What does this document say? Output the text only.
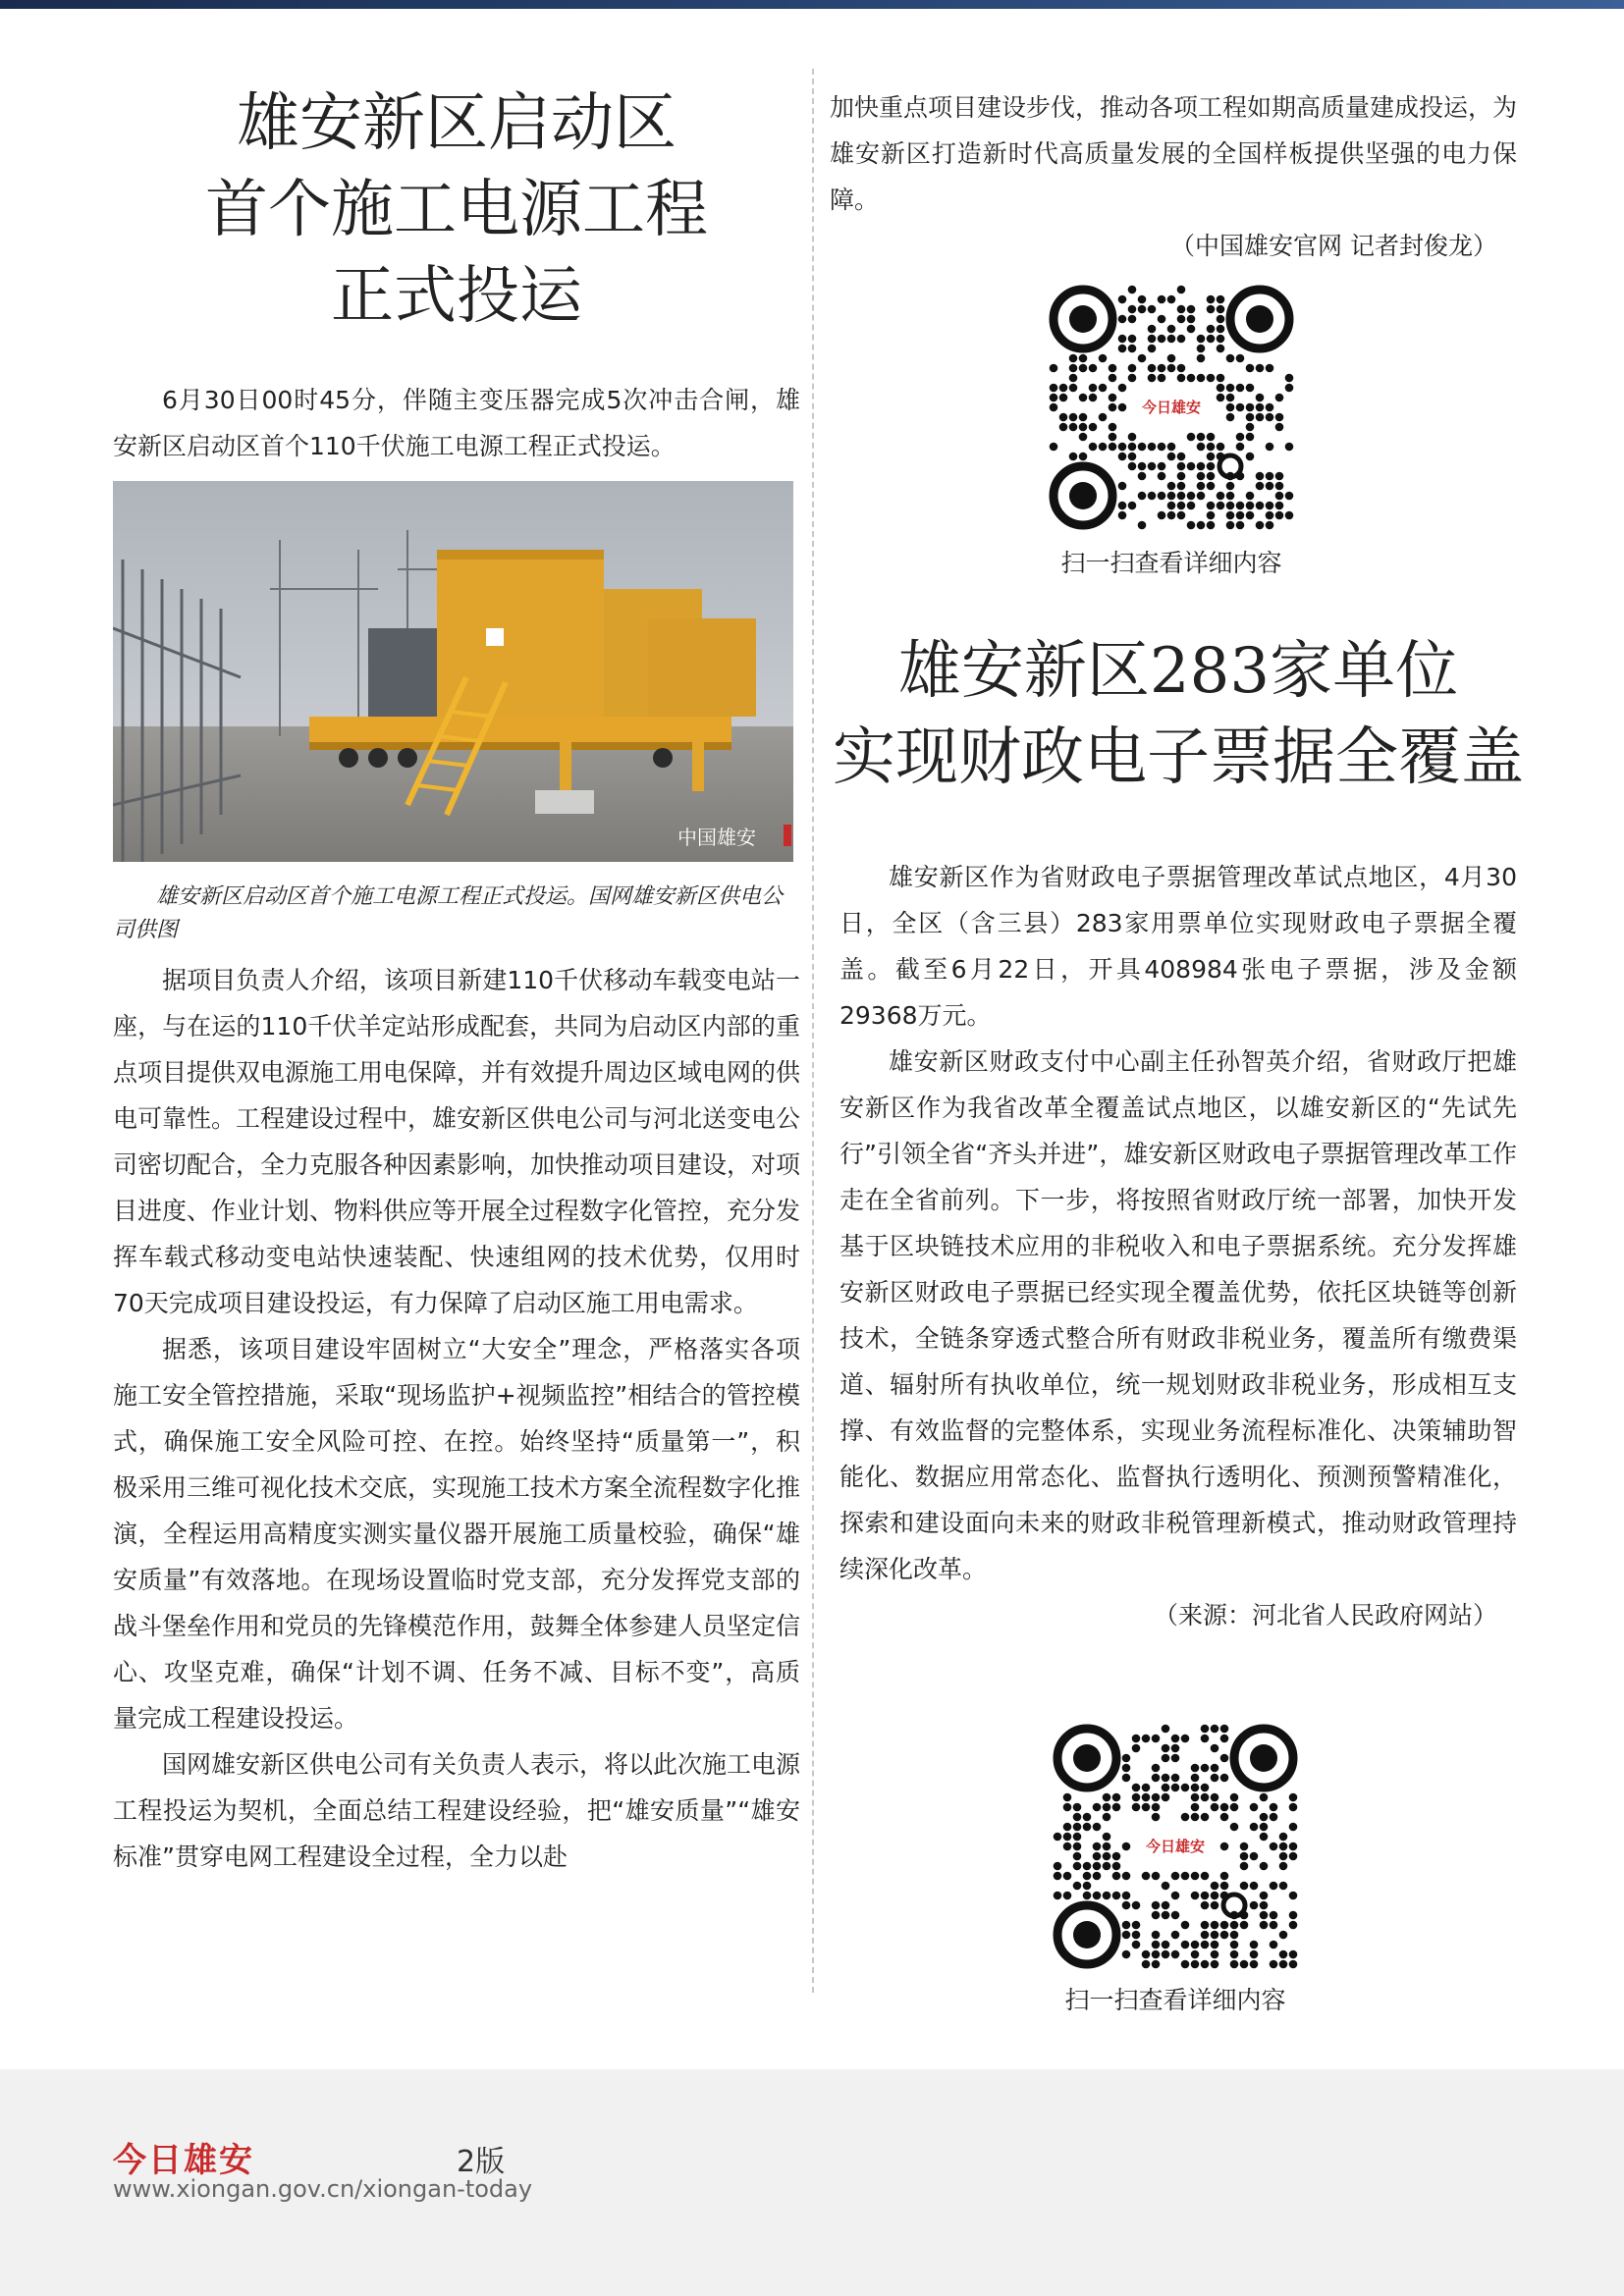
雄安新区启动区
首个施工电源工程
正式投运

6月30日00时45分，伴随主变压器完成5次冲击合闸，雄安新区启动区首个110千伏施工电源工程正式投运。

中国雄安
雄安新区启动区首个施工电源工程正式投运。国网雄安新区供电公司供图

据项目负责人介绍，该项目新建110千伏移动车载变电站一座，与在运的110千伏羊定站形成配套，共同为启动区内部的重点项目提供双电源施工用电保障，并有效提升周边区域电网的供电可靠性。工程建设过程中，雄安新区供电公司与河北送变电公司密切配合，全力克服各种因素影响，加快推动项目建设，对项目进度、作业计划、物料供应等开展全过程数字化管控，充分发挥车载式移动变电站快速装配、快速组网的技术优势，仅用时70天完成项目建设投运，有力保障了启动区施工用电需求。

据悉，该项目建设牢固树立“大安全”理念，严格落实各项施工安全管控措施，采取“现场监护+视频监控”相结合的管控模式，确保施工安全风险可控、在控。始终坚持“质量第一”，积极采用三维可视化技术交底，实现施工技术方案全流程数字化推演，全程运用高精度实测实量仪器开展施工质量校验，确保“雄安质量”有效落地。在现场设置临时党支部，充分发挥党支部的战斗堡垒作用和党员的先锋模范作用，鼓舞全体参建人员坚定信心、攻坚克难，确保“计划不调、任务不减、目标不变”，高质量完成工程建设投运。

国网雄安新区供电公司有关负责人表示，将以此次施工电源工程投运为契机，全面总结工程建设经验，把“雄安质量”“雄安标准”贯穿电网工程建设全过程，全力以赴

加快重点项目建设步伐，推动各项工程如期高质量建成投运，为雄安新区打造新时代高质量发展的全国样板提供坚强的电力保障。

（中国雄安官网 记者封俊龙）

今日雄安
扫一扫查看详细内容
雄安新区283家单位
实现财政电子票据全覆盖

雄安新区作为省财政电子票据管理改革试点地区，4月30日，全区（含三县）283家用票单位实现财政电子票据全覆盖。截至6月22日，开具408984张电子票据，涉及金额29368万元。

雄安新区财政支付中心副主任孙智英介绍，省财政厅把雄安新区作为我省改革全覆盖试点地区，以雄安新区的“先试先行”引领全省“齐头并进”，雄安新区财政电子票据管理改革工作走在全省前列。下一步，将按照省财政厅统一部署，加快开发基于区块链技术应用的非税收入和电子票据系统。充分发挥雄安新区财政电子票据已经实现全覆盖优势，依托区块链等创新技术，全链条穿透式整合所有财政非税业务，覆盖所有缴费渠道、辐射所有执收单位，统一规划财政非税业务，形成相互支撑、有效监督的完整体系，实现业务流程标准化、决策辅助智能化、数据应用常态化、监督执行透明化、预测预警精准化，探索和建设面向未来的财政非税管理新模式，推动财政管理持续深化改革。

（来源：河北省人民政府网站）

今日雄安
扫一扫查看详细内容
今日雄安	2版
www.xiongan.gov.cn/xiongan-today
